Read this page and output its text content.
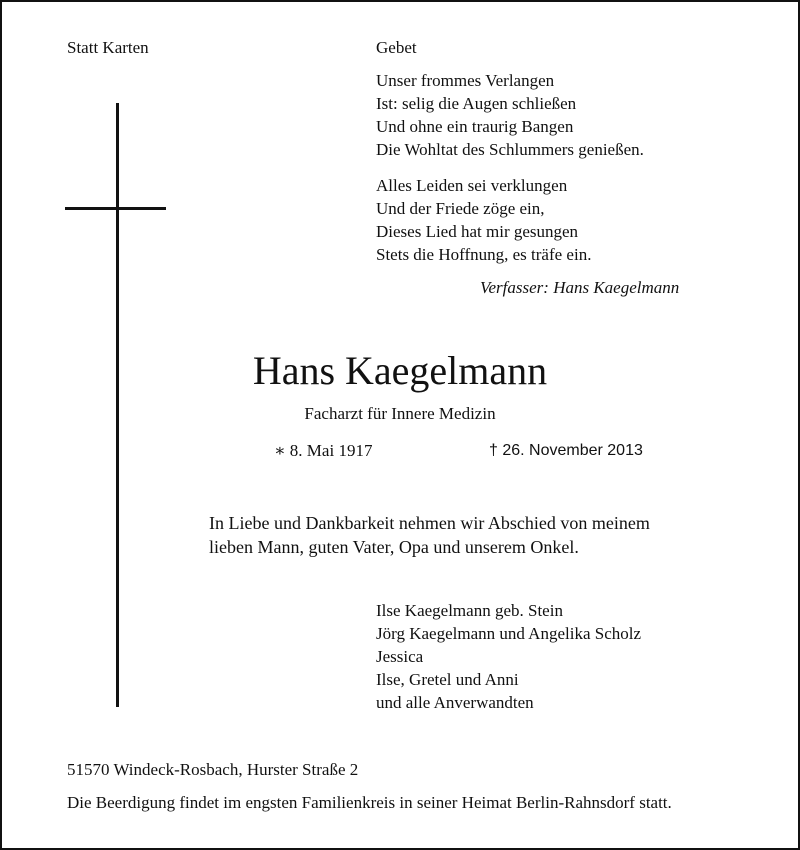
Statt Karten	Gebet
Unser frommes Verlangen
Ist: selig die Augen schließen
Und ohne ein traurig Bangen
Die Wohltat des Schlummers genießen.
Alles Leiden sei verklungen
Und der Friede zöge ein,
Dieses Lied hat mir gesungen
Stets die Hoffnung, es träfe ein.
Verfasser: Hans Kaegelmann
Hans Kaegelmann
Facharzt für Innere Medizin
∗ 8. Mai 1917	† 26. November 2013
In Liebe und Dankbarkeit nehmen wir Abschied von meinem
lieben Mann, guten Vater, Opa und unserem Onkel.
Ilse Kaegelmann geb. Stein
Jörg Kaegelmann und Angelika Scholz
Jessica
Ilse, Gretel und Anni
und alle Anverwandten
51570 Windeck-Rosbach, Hurster Straße 2
Die Beerdigung findet im engsten Familienkreis in seiner Heimat Berlin-Rahnsdorf statt.
